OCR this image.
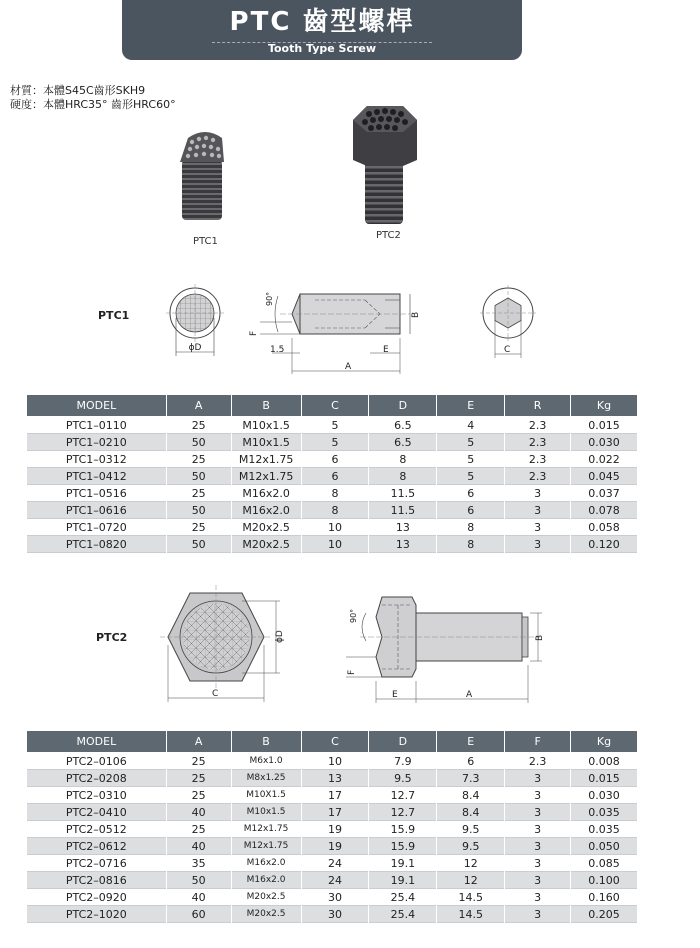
PTC 齒型螺桿
Tooth Type Screw
材質：本體S45C齒形SKH9
硬度：本體HRC35° 齒形HRC60°
PTC1
PTC2
PTC1
ϕD
90°
F
B
1.5	E
A
C
MODEL	A	B	C	D	E	R	Kg
PTC1–0110	25	M10x1.5	5	6.5	4	2.3	0.015
PTC1–0210	50	M10x1.5	5	6.5	5	2.3	0.030
PTC1–0312	25	M12x1.75	6	8	5	2.3	0.022
PTC1–0412	50	M12x1.75	6	8	5	2.3	0.045
PTC1–0516	25	M16x2.0	8	11.5	6	3	0.037
PTC1–0616	50	M16x2.0	8	11.5	6	3	0.078
PTC1–0720	25	M20x2.5	10	13	8	3	0.058
PTC1–0820	50	M20x2.5	10	13	8	3	0.120
PTC2	ϕD
C
90°
F
B
E	A
MODEL	A	B	C	D	E	F	Kg
PTC2–0106	25	M6x1.0	10	7.9	6	2.3	0.008
PTC2–0208	25	M8x1.25	13	9.5	7.3	3	0.015
PTC2–0310	25	M10X1.5	17	12.7	8.4	3	0.030
PTC2–0410	40	M10x1.5	17	12.7	8.4	3	0.035
PTC2–0512	25	M12x1.75	19	15.9	9.5	3	0.035
PTC2–0612	40	M12x1.75	19	15.9	9.5	3	0.050
PTC2–0716	35	M16x2.0	24	19.1	12	3	0.085
PTC2–0816	50	M16x2.0	24	19.1	12	3	0.100
PTC2–0920	40	M20x2.5	30	25.4	14.5	3	0.160
PTC2–1020	60	M20x2.5	30	25.4	14.5	3	0.205
